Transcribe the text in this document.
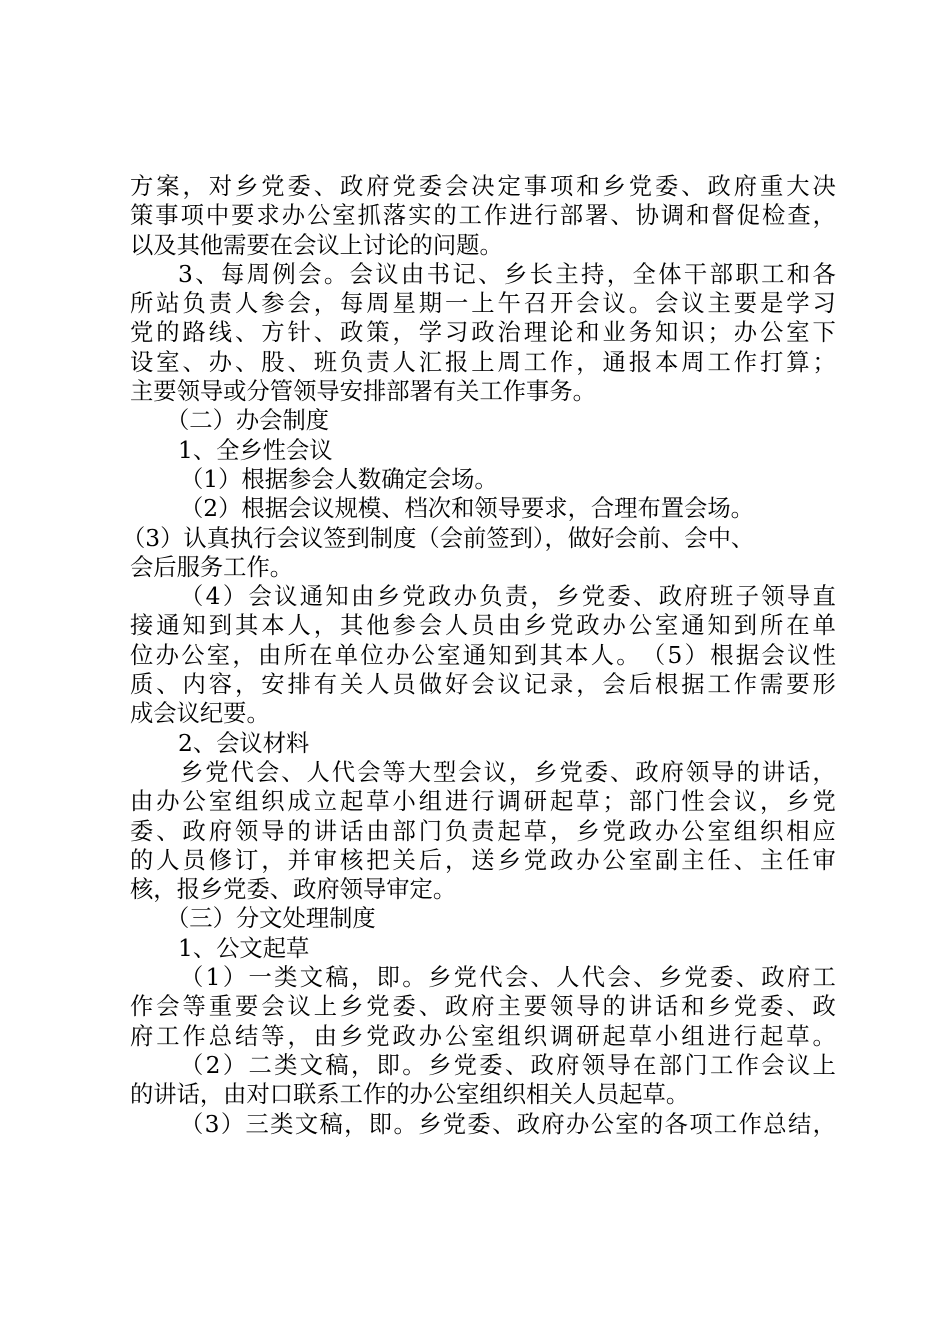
方 案 ， 对 乡 党 委 、 政 府 党 委 会 决 定 事 项 和 乡 党 委 、 政 府 重 大 决
策 事 项 中 要 求 办 公 室 抓 落 实 的 工 作 进 行 部 署 、 协 调 和 督 促 检 查 ，
以及其他需要在会议上讨论的问题。
3 、 每 周 例 会 。 会 议 由 书 记 、 乡 长 主 持 ， 全 体 干 部 职 工 和 各
所 站 负 责 人 参 会 ， 每 周 星 期 一 上 午 召 开 会 议 。 会 议 主 要 是 学 习
党 的 路 线 、 方 针 、 政 策 ， 学 习 政 治 理 论 和 业 务 知 识 ； 办 公 室 下
设 室 、 办 、 股 、 班 负 责 人 汇 报 上 周 工 作 ， 通 报 本 周 工 作 打 算 ；
主要领导或分管领导安排部署有关工作事务。
（二）办会制度
1、全乡性会议
（1）根据参会人数确定会场。
（2）根据会议规模、档次和领导要求，合理布置会场。
（3）认真执行会议签到制度（会前签到），做好会前、会中、
会后服务工作。
（ 4 ） 会 议 通 知 由 乡 党 政 办 负 责 ， 乡 党 委 、 政 府 班 子 领 导 直
接 通 知 到 其 本 人 ， 其 他 参 会 人 员 由 乡 党 政 办 公 室 通 知 到 所 在 单
位 办 公 室 ， 由 所 在 单 位 办 公 室 通 知 到 其 本 人 。 （ 5 ） 根 据 会 议 性
质 、 内 容 ， 安 排 有 关 人 员 做 好 会 议 记 录 ， 会 后 根 据 工 作 需 要 形
成会议纪要。
2、会议材料
乡 党 代 会 、 人 代 会 等 大 型 会 议 ， 乡 党 委 、 政 府 领 导 的 讲 话 ，
由 办 公 室 组 织 成 立 起 草 小 组 进 行 调 研 起 草 ； 部 门 性 会 议 ， 乡 党
委 、 政 府 领 导 的 讲 话 由 部 门 负 责 起 草 ， 乡 党 政 办 公 室 组 织 相 应
的 人 员 修 订 ， 并 审 核 把 关 后 ， 送 乡 党 政 办 公 室 副 主 任 、 主 任 审
核，报乡党委、政府领导审定。
（三）分文处理制度
1、公文起草
（ 1 ） 一 类 文 稿 ， 即 。 乡 党 代 会 、 人 代 会 、 乡 党 委 、 政 府 工
作 会 等 重 要 会 议 上 乡 党 委 、 政 府 主 要 领 导 的 讲 话 和 乡 党 委 、 政
府 工 作 总 结 等 ， 由 乡 党 政 办 公 室 组 织 调 研 起 草 小 组 进 行 起 草 。
（ 2 ） 二 类 文 稿 ， 即 。 乡 党 委 、 政 府 领 导 在 部 门 工 作 会 议 上
的讲话，由对口联系工作的办公室组织相关人员起草。
（ 3 ） 三 类 文 稿 ， 即 。 乡 党 委 、 政 府 办 公 室 的 各 项 工 作 总 结 ，
